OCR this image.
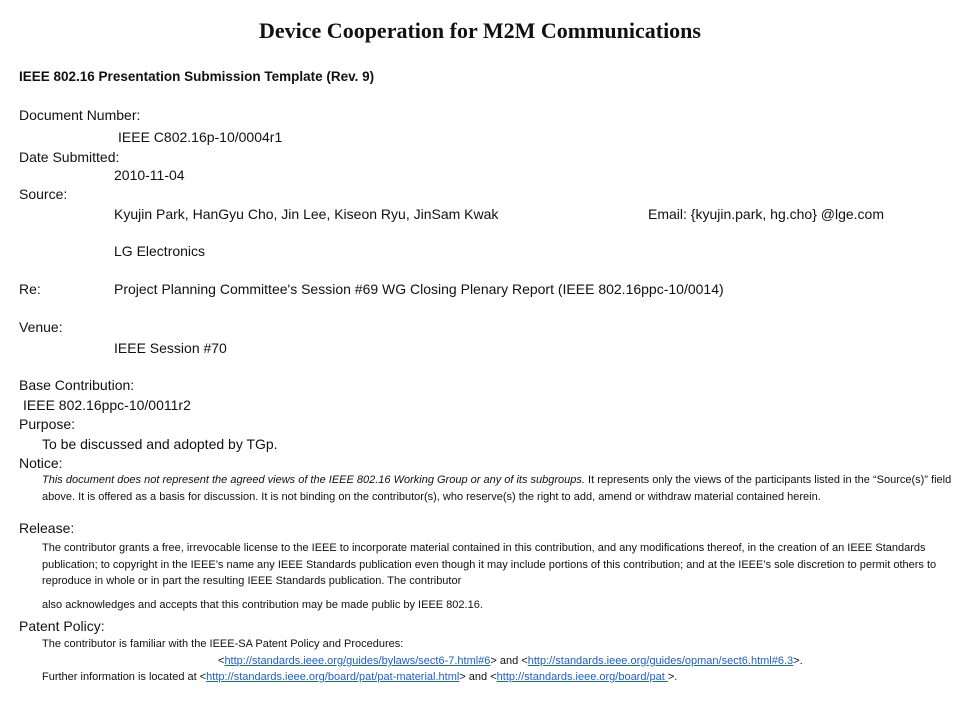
Device Cooperation for M2M Communications
IEEE 802.16 Presentation Submission Template (Rev. 9)
Document Number:
IEEE C802.16p-10/0004r1
Date Submitted:
2010-11-04
Source:
Kyujin Park, HanGyu Cho, Jin Lee, Kiseon Ryu, JinSam Kwak	Email: {kyujin.park, hg.cho} @lge.com
LG Electronics
Re:	Project Planning Committee's Session #69 WG Closing Plenary Report (IEEE 802.16ppc-10/0014)
Venue:
IEEE Session #70
Base Contribution:
IEEE 802.16ppc-10/0011r2
Purpose:
To be discussed and adopted by TGp.
Notice:
This document does not represent the agreed views of the IEEE 802.16 Working Group or any of its subgroups. It represents only the views of the participants listed in the “Source(s)” field above. It is offered as a basis for discussion. It is not binding on the contributor(s), who reserve(s) the right to add, amend or withdraw material contained herein.
Release:
The contributor grants a free, irrevocable license to the IEEE to incorporate material contained in this contribution, and any modifications thereof, in the creation of an IEEE Standards publication; to copyright in the IEEE’s name any IEEE Standards publication even though it may include portions of this contribution; and at the IEEE’s sole discretion to permit others to reproduce in whole or in part the resulting IEEE Standards publication. The contributor
also acknowledges and accepts that this contribution may be made public by IEEE 802.16.
Patent Policy:
The contributor is familiar with the IEEE-SA Patent Policy and Procedures:
<http://standards.ieee.org/guides/bylaws/sect6-7.html#6> and <http://standards.ieee.org/guides/opman/sect6.html#6.3>.
Further information is located at <http://standards.ieee.org/board/pat/pat-material.html> and <http://standards.ieee.org/board/pat >.
